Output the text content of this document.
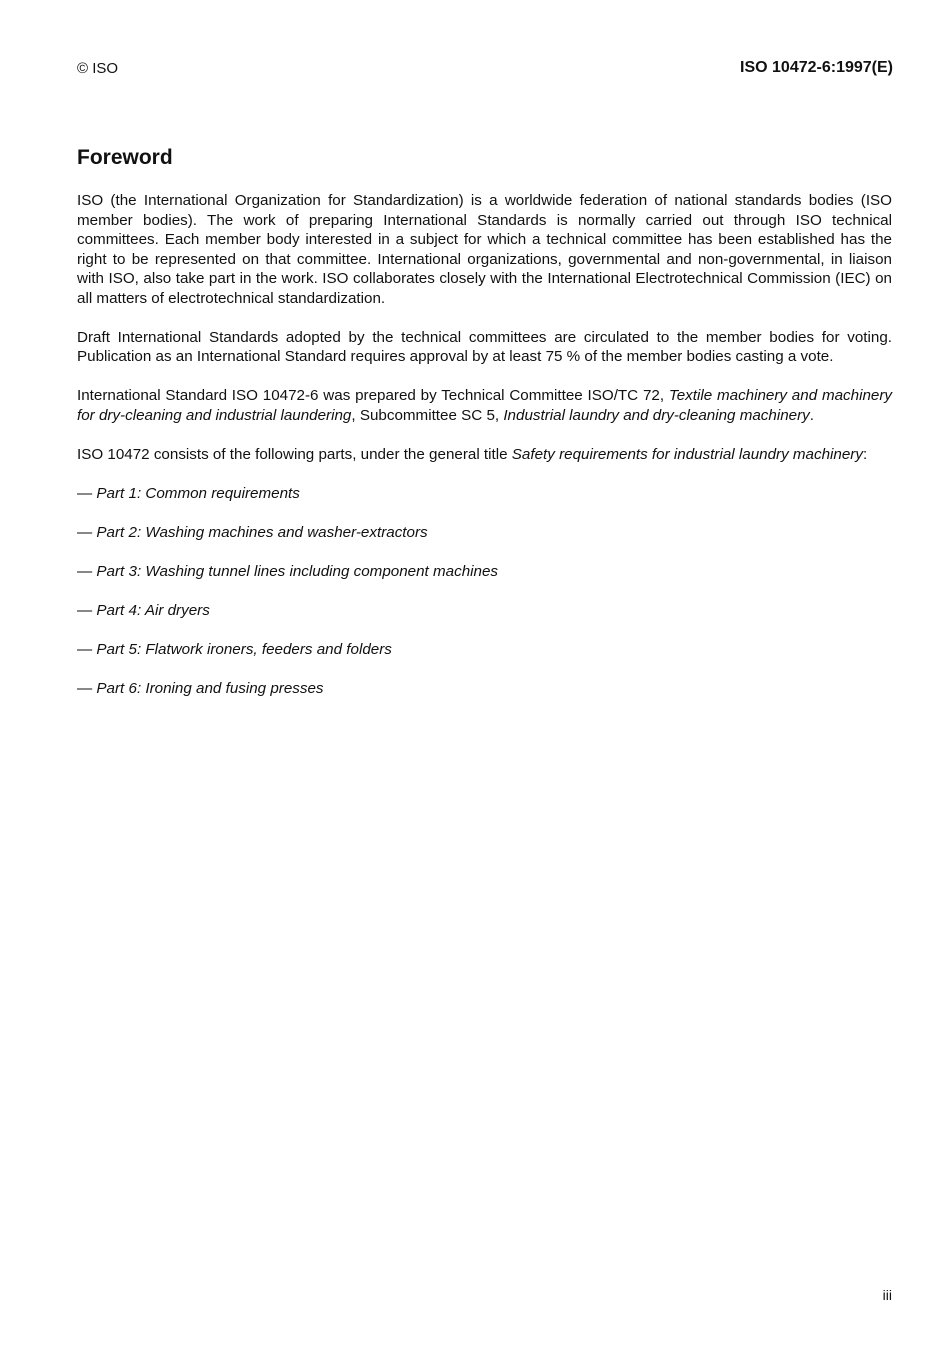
© ISO	ISO 10472-6:1997(E)
Foreword

ISO (the International Organization for Standardization) is a worldwide federation of national standards bodies (ISO member bodies). The work of preparing International Standards is normally carried out through ISO technical committees. Each member body interested in a subject for which a technical committee has been established has the right to be represented on that committee. International organizations, governmental and non-governmental, in liaison with ISO, also take part in the work. ISO collaborates closely with the International Electrotechnical Commission (IEC) on all matters of electrotechnical standardization.

Draft International Standards adopted by the technical committees are circulated to the member bodies for voting. Publication as an International Standard requires approval by at least 75 % of the member bodies casting a vote.

International Standard ISO 10472-6 was prepared by Technical Committee ISO/TC 72, Textile machinery and machinery for dry-cleaning and industrial laundering, Subcommittee SC 5, Industrial laundry and dry-cleaning machinery.

ISO 10472 consists of the following parts, under the general title Safety requirements for industrial laundry machinery:

— Part 1: Common requirements
— Part 2: Washing machines and washer-extractors
— Part 3: Washing tunnel lines including component machines
— Part 4: Air dryers
— Part 5: Flatwork ironers, feeders and folders
— Part 6: Ironing and fusing presses
iii
